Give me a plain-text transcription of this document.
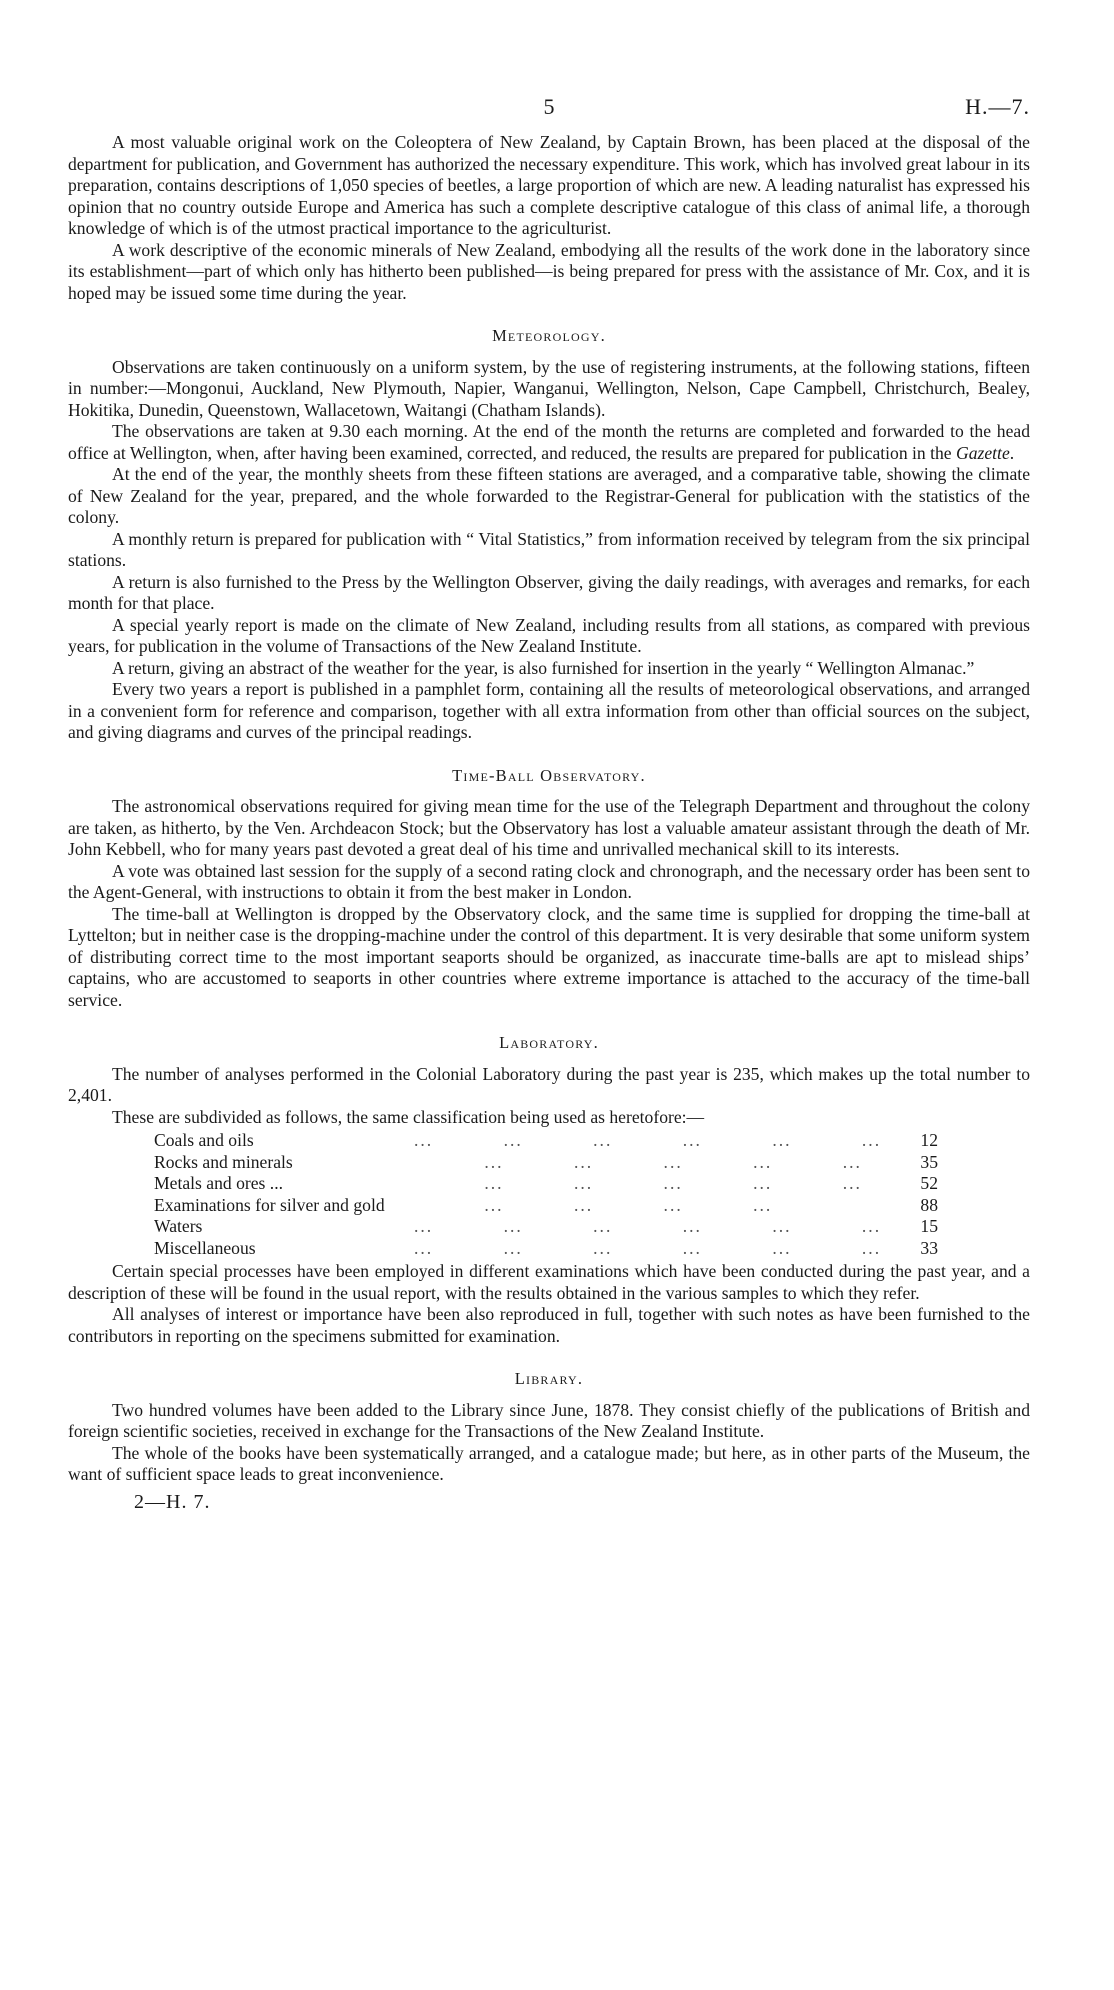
5	H.—7.

A most valuable original work on the Coleoptera of New Zealand, by Captain Brown, has been placed at the disposal of the department for publication, and Government has authorized the necessary expenditure. This work, which has involved great labour in its preparation, contains descriptions of 1,050 species of beetles, a large proportion of which are new. A leading naturalist has expressed his opinion that no country outside Europe and America has such a complete descriptive catalogue of this class of animal life, a thorough knowledge of which is of the utmost practical importance to the agriculturist.

A work descriptive of the economic minerals of New Zealand, embodying all the results of the work done in the laboratory since its establishment—part of which only has hitherto been published—is being prepared for press with the assistance of Mr. Cox, and it is hoped may be issued some time during the year.

Meteorology.

Observations are taken continuously on a uniform system, by the use of registering instruments, at the following stations, fifteen in number:—Mongonui, Auckland, New Plymouth, Napier, Wanganui, Wellington, Nelson, Cape Campbell, Christchurch, Bealey, Hokitika, Dunedin, Queenstown, Wallacetown, Waitangi (Chatham Islands).

The observations are taken at 9.30 each morning. At the end of the month the returns are completed and forwarded to the head office at Wellington, when, after having been examined, corrected, and reduced, the results are prepared for publication in the Gazette.

At the end of the year, the monthly sheets from these fifteen stations are averaged, and a comparative table, showing the climate of New Zealand for the year, prepared, and the whole forwarded to the Registrar-General for publication with the statistics of the colony.

A monthly return is prepared for publication with “ Vital Statistics,” from information received by telegram from the six principal stations.

A return is also furnished to the Press by the Wellington Observer, giving the daily readings, with averages and remarks, for each month for that place.

A special yearly report is made on the climate of New Zealand, including results from all stations, as compared with previous years, for publication in the volume of Transactions of the New Zealand Institute.

A return, giving an abstract of the weather for the year, is also furnished for insertion in the yearly “ Wellington Almanac.”

Every two years a report is published in a pamphlet form, containing all the results of meteorological observations, and arranged in a convenient form for reference and comparison, together with all extra information from other than official sources on the subject, and giving diagrams and curves of the principal readings.

Time-Ball Observatory.

The astronomical observations required for giving mean time for the use of the Telegraph Department and throughout the colony are taken, as hitherto, by the Ven. Archdeacon Stock; but the Observatory has lost a valuable amateur assistant through the death of Mr. John Kebbell, who for many years past devoted a great deal of his time and unrivalled mechanical skill to its interests.

A vote was obtained last session for the supply of a second rating clock and chronograph, and the necessary order has been sent to the Agent-General, with instructions to obtain it from the best maker in London.

The time-ball at Wellington is dropped by the Observatory clock, and the same time is supplied for dropping the time-ball at Lyttelton; but in neither case is the dropping-machine under the control of this department. It is very desirable that some uniform system of distributing correct time to the most important seaports should be organized, as inaccurate time-balls are apt to mislead ships’ captains, who are accustomed to seaports in other countries where extreme importance is attached to the accuracy of the time-ball service.

Laboratory.

The number of analyses performed in the Colonial Laboratory during the past year is 235, which makes up the total number to 2,401.

These are subdivided as follows, the same classification being used as heretofore:—

Coals and oils	...           ...           ...           ...           ...           ...	12
Rocks and minerals	...           ...           ...           ...           ...	35
Metals and ores ...	...           ...           ...           ...           ...	52
Examinations for silver and gold	...           ...           ...           ...	88
Waters	...           ...           ...           ...           ...           ...	15
Miscellaneous	...           ...           ...           ...           ...           ...	33

Certain special processes have been employed in different examinations which have been conducted during the past year, and a description of these will be found in the usual report, with the results obtained in the various samples to which they refer.

All analyses of interest or importance have been also reproduced in full, together with such notes as have been furnished to the contributors in reporting on the specimens submitted for examination.

Library.

Two hundred volumes have been added to the Library since June, 1878. They consist chiefly of the publications of British and foreign scientific societies, received in exchange for the Transactions of the New Zealand Institute.

The whole of the books have been systematically arranged, and a catalogue made; but here, as in other parts of the Museum, the want of sufficient space leads to great inconvenience.

2—H. 7.
